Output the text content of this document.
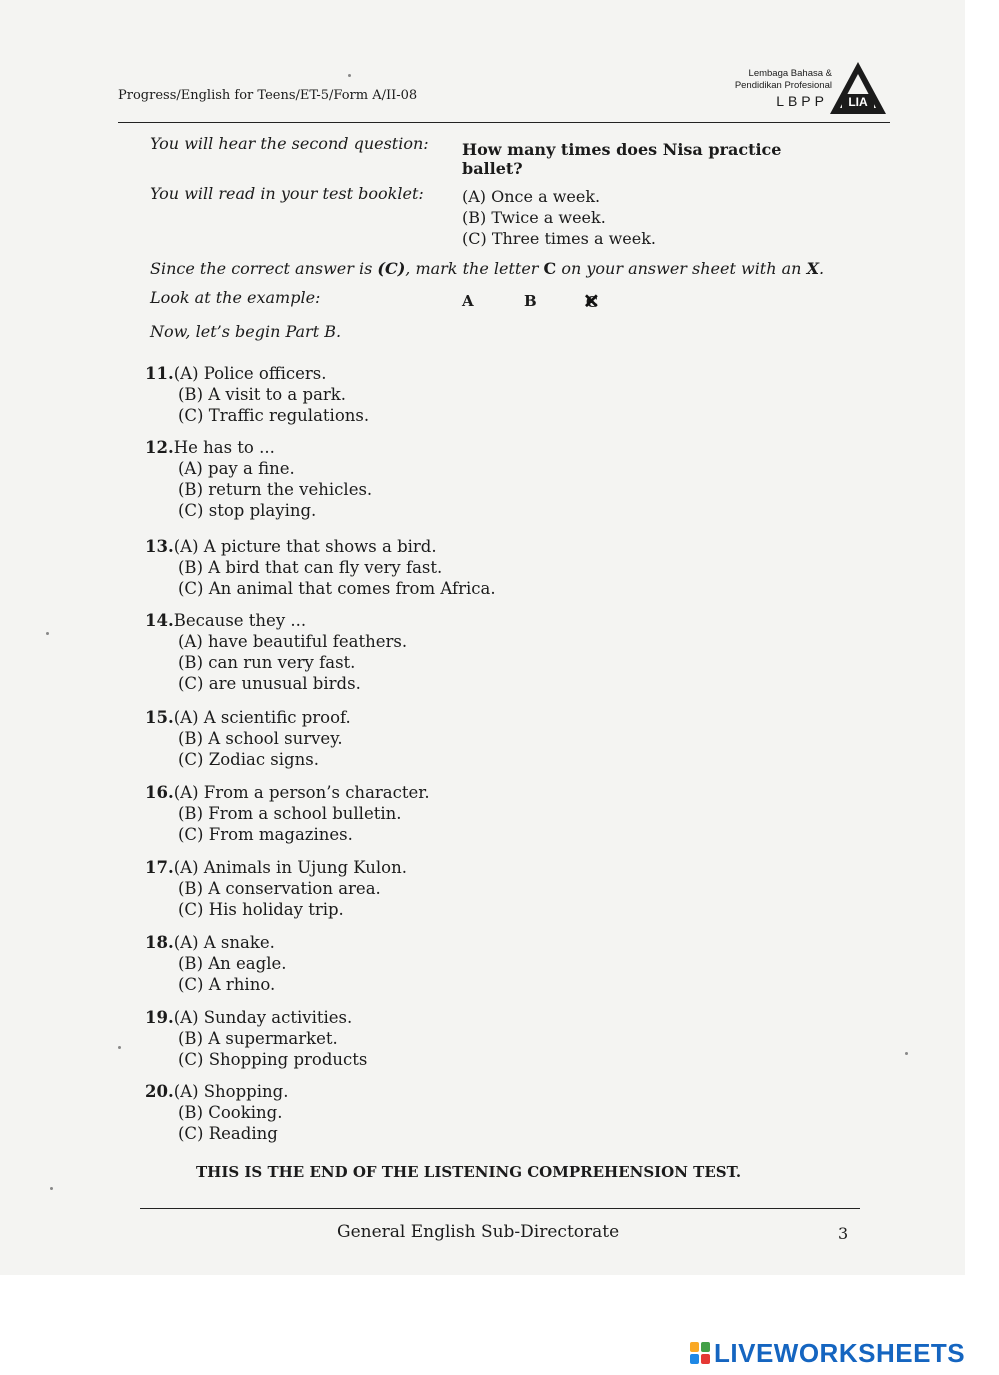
Progress/English for Teens/ET-5/Form A/II-08
Lembaga Bahasa &
Pendidikan Profesional
LBPP LIA
You will hear the second question: How many times does Nisa practice
ballet?
You will read in your test booklet: (A) Once a week.
(B) Twice a week.
(C) Three times a week.
Since the correct answer is (C), mark the letter C on your answer sheet with an X.
Look at the example:	A	B	C ✕
Now, let’s begin Part B.
11.(A) Police officers.
(B) A visit to a park.
(C) Traffic regulations.
12.He has to ...
(A) pay a fine.
(B) return the vehicles.
(C) stop playing.
13.(A) A picture that shows a bird.
(B) A bird that can fly very fast.
(C) An animal that comes from Africa.
14.Because they ...
(A) have beautiful feathers.
(B) can run very fast.
(C) are unusual birds.
15.(A) A scientific proof.
(B) A school survey.
(C) Zodiac signs.
16.(A) From a person’s character.
(B) From a school bulletin.
(C) From magazines.
17.(A) Animals in Ujung Kulon.
(B) A conservation area.
(C) His holiday trip.
18.(A) A snake.
(B) An eagle.
(C) A rhino.
19.(A) Sunday activities.
(B) A supermarket.
(C) Shopping products
20.(A) Shopping.
(B) Cooking.
(C) Reading
THIS IS THE END OF THE LISTENING COMPREHENSION TEST.
General English Sub-Directorate	3
LIVEWORKSHEETS
